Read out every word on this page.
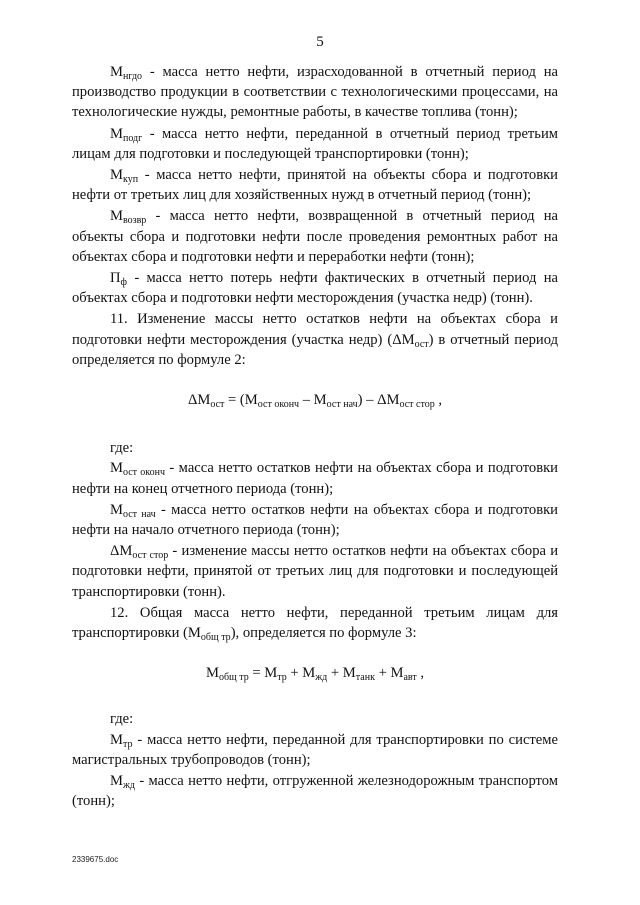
5

$M_{нгдо}$ - масса нетто нефти, израсходованной в отчетный период на производство продукции в соответствии с технологическими процессами, на технологические нужды, ремонтные работы, в качестве топлива (тонн);

$M_{подг}$ - масса нетто нефти, переданной в отчетный период третьим лицам для подготовки и последующей транспортировки (тонн);

$M_{куп}$ - масса нетто нефти, принятой на объекты сбора и подготовки нефти от третьих лиц для хозяйственных нужд в отчетный период (тонн);

$M_{возвр}$ - масса нетто нефти, возвращенной в отчетный период на объекты сбора и подготовки нефти после проведения ремонтных работ на объектах сбора и подготовки нефти и переработки нефти (тонн);

$П_ф$ - масса нетто потерь нефти фактических в отчетный период на объектах сбора и подготовки нефти месторождения (участка недр) (тонн).

11. Изменение массы нетто остатков нефти на объектах сбора и подготовки нефти месторождения (участка недр) $(\Delta M_{ост})$ в отчетный период определяется по формуле 2:

$\Delta M_{ост} = (M_{ост оконч} - M_{ост нач}) - \Delta M_{ост стор}$ ,

где:

$M_{ост оконч}$ - масса нетто остатков нефти на объектах сбора и подготовки нефти на конец отчетного периода (тонн);

$M_{ост нач}$ - масса нетто остатков нефти на объектах сбора и подготовки нефти на начало отчетного периода (тонн);

$\Delta M_{ост стор}$ - изменение массы нетто остатков нефти на объектах сбора и подготовки нефти, принятой от третьих лиц для подготовки и последующей транспортировки (тонн).

12. Общая масса нетто нефти, переданной третьим лицам для транспортировки $(M_{общ тр})$, определяется по формуле 3:

$M_{общ тр} = M_{тр} + M_{жд} + M_{танк} + M_{авт}$ ,

где:

$M_{тр}$ - масса нетто нефти, переданной для транспортировки по системе магистральных трубопроводов (тонн);

$M_{жд}$ - масса нетто нефти, отгруженной железнодорожным транспортом (тонн);

2339675.doc
